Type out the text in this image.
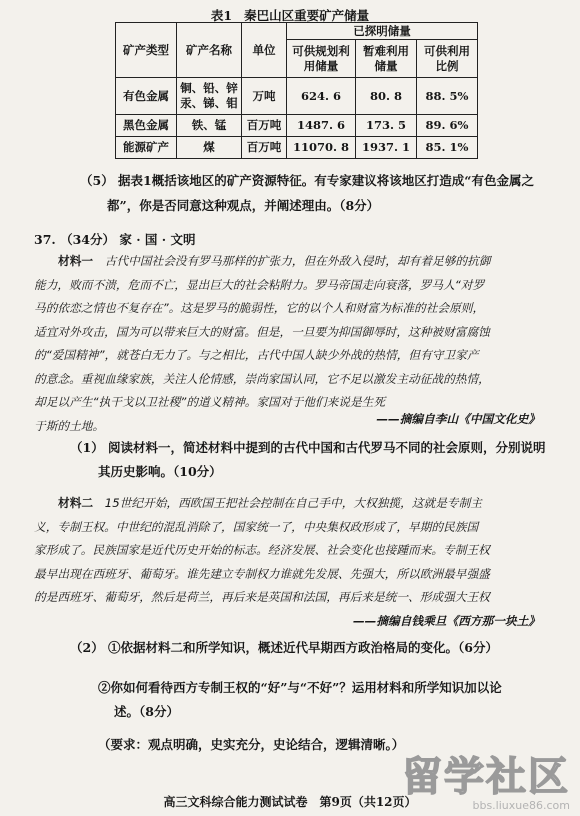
表1 秦巴山区重要矿产储量
矿产类型	矿产名称	单位	已探明储量		
			可供规划利用储量	暂难利用储量	可供利用比例
有色金属	铜、铅、锌汞、锑、钼	万吨	624. 6	80. 8	88. 5%
黑色金属	铁、锰	百万吨	1487. 6	173. 5	89. 6%
能源矿产	煤	百万吨	11070. 8	1937. 1	85. 1%
（5） 据表1概括该地区的矿产资源特征。有专家建议将该地区打造成“有色金属之
都”，你是否同意这种观点，并阐述理由。（8分）
37. （34分） 家 · 国 · 文明
材料一　 古代中国社会没有罗马那样的扩张力，但在外敌入侵时，却有着足够的抗御
能力，败而不溃，危而不亡，显出巨大的社会粘附力。罗马帝国走向衰落，罗马人“对罗
马的依恋之情也不复存在”。这是罗马的脆弱性，它的以个人和财富为标准的社会原则，
适宜对外攻击，国为可以带来巨大的财富。但是，一旦要为抑国御辱时，这种被财富腐蚀
的“爱国精神”，就苍白无力了。与之相比，古代中国人缺少外战的热情，但有守卫家产
的意念。重视血缘家族，关注人伦情感，崇尚家国认同，它不足以激发主动征战的热情，
却足以产生“执干戈以卫社稷”的道义精神。家国对于他们来说是生死于斯的土地。	——摘编自李山《中国文化史》
（1） 阅读材料一，简述材料中提到的古代中国和古代罗马不同的社会原则，分别说明
其历史影响。（10分）
材料二　 15世纪开始，西欧国王把社会控制在自己手中，大权独揽，这就是专制主
义，专制王权。中世纪的混乱消除了，国家统一了，中央集权政形成了，早期的民族国
家形成了。民族国家是近代历史开始的标志。经济发展、社会变化也接踵而来。专制王权
最早出现在西班牙、葡萄牙。谁先建立专制权力谁就先发展、先强大，所以欧洲最早强盛
的是西班牙、葡萄牙，然后是荷兰，再后来是英国和法国，再后来是统一、形成强大王权
——摘编自钱乘旦《西方那一块土》
（2） ①依据材料二和所学知识，概述近代早期西方政治格局的变化。（6分）
②你如何看待西方专制王权的“好”与“不好”？运用材料和所学知识加以论
述。（8分）
（要求：观点明确，史实充分，史论结合，逻辑清晰。）
高三文科综合能力测试试卷　第9页（共12页）
留学社区
bbs.liuxue86.com
